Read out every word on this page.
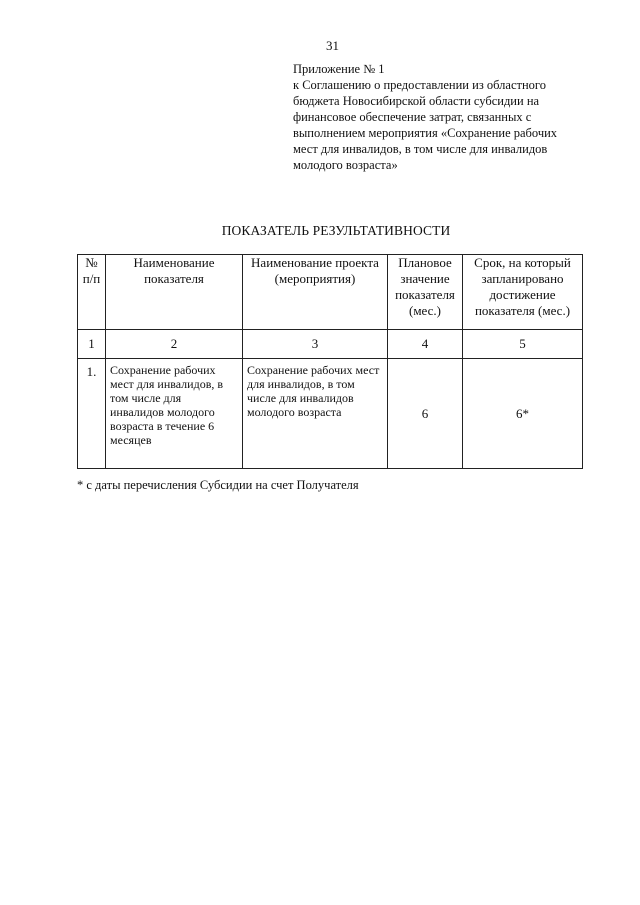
31
Приложение № 1
к Соглашению о предоставлении из областного
бюджета Новосибирской области субсидии на
финансовое обеспечение затрат, связанных с
выполнением мероприятия «Сохранение рабочих
мест для инвалидов, в том числе для инвалидов
молодого возраста»
ПОКАЗАТЕЛЬ РЕЗУЛЬТАТИВНОСТИ
№
п/п	Наименование показателя	Наименование проекта (мероприятия)	Плановое значение показателя (мес.)	Срок, на который запланировано достижение показателя (мес.)
1	2	3	4	5
1.	Сохранение рабочих мест для инвалидов, в том числе для инвалидов молодого возраста в течение 6 месяцев	Сохранение рабочих мест для инвалидов, в том числе для инвалидов молодого возраста	6	6*
* с даты перечисления Субсидии на счет Получателя
